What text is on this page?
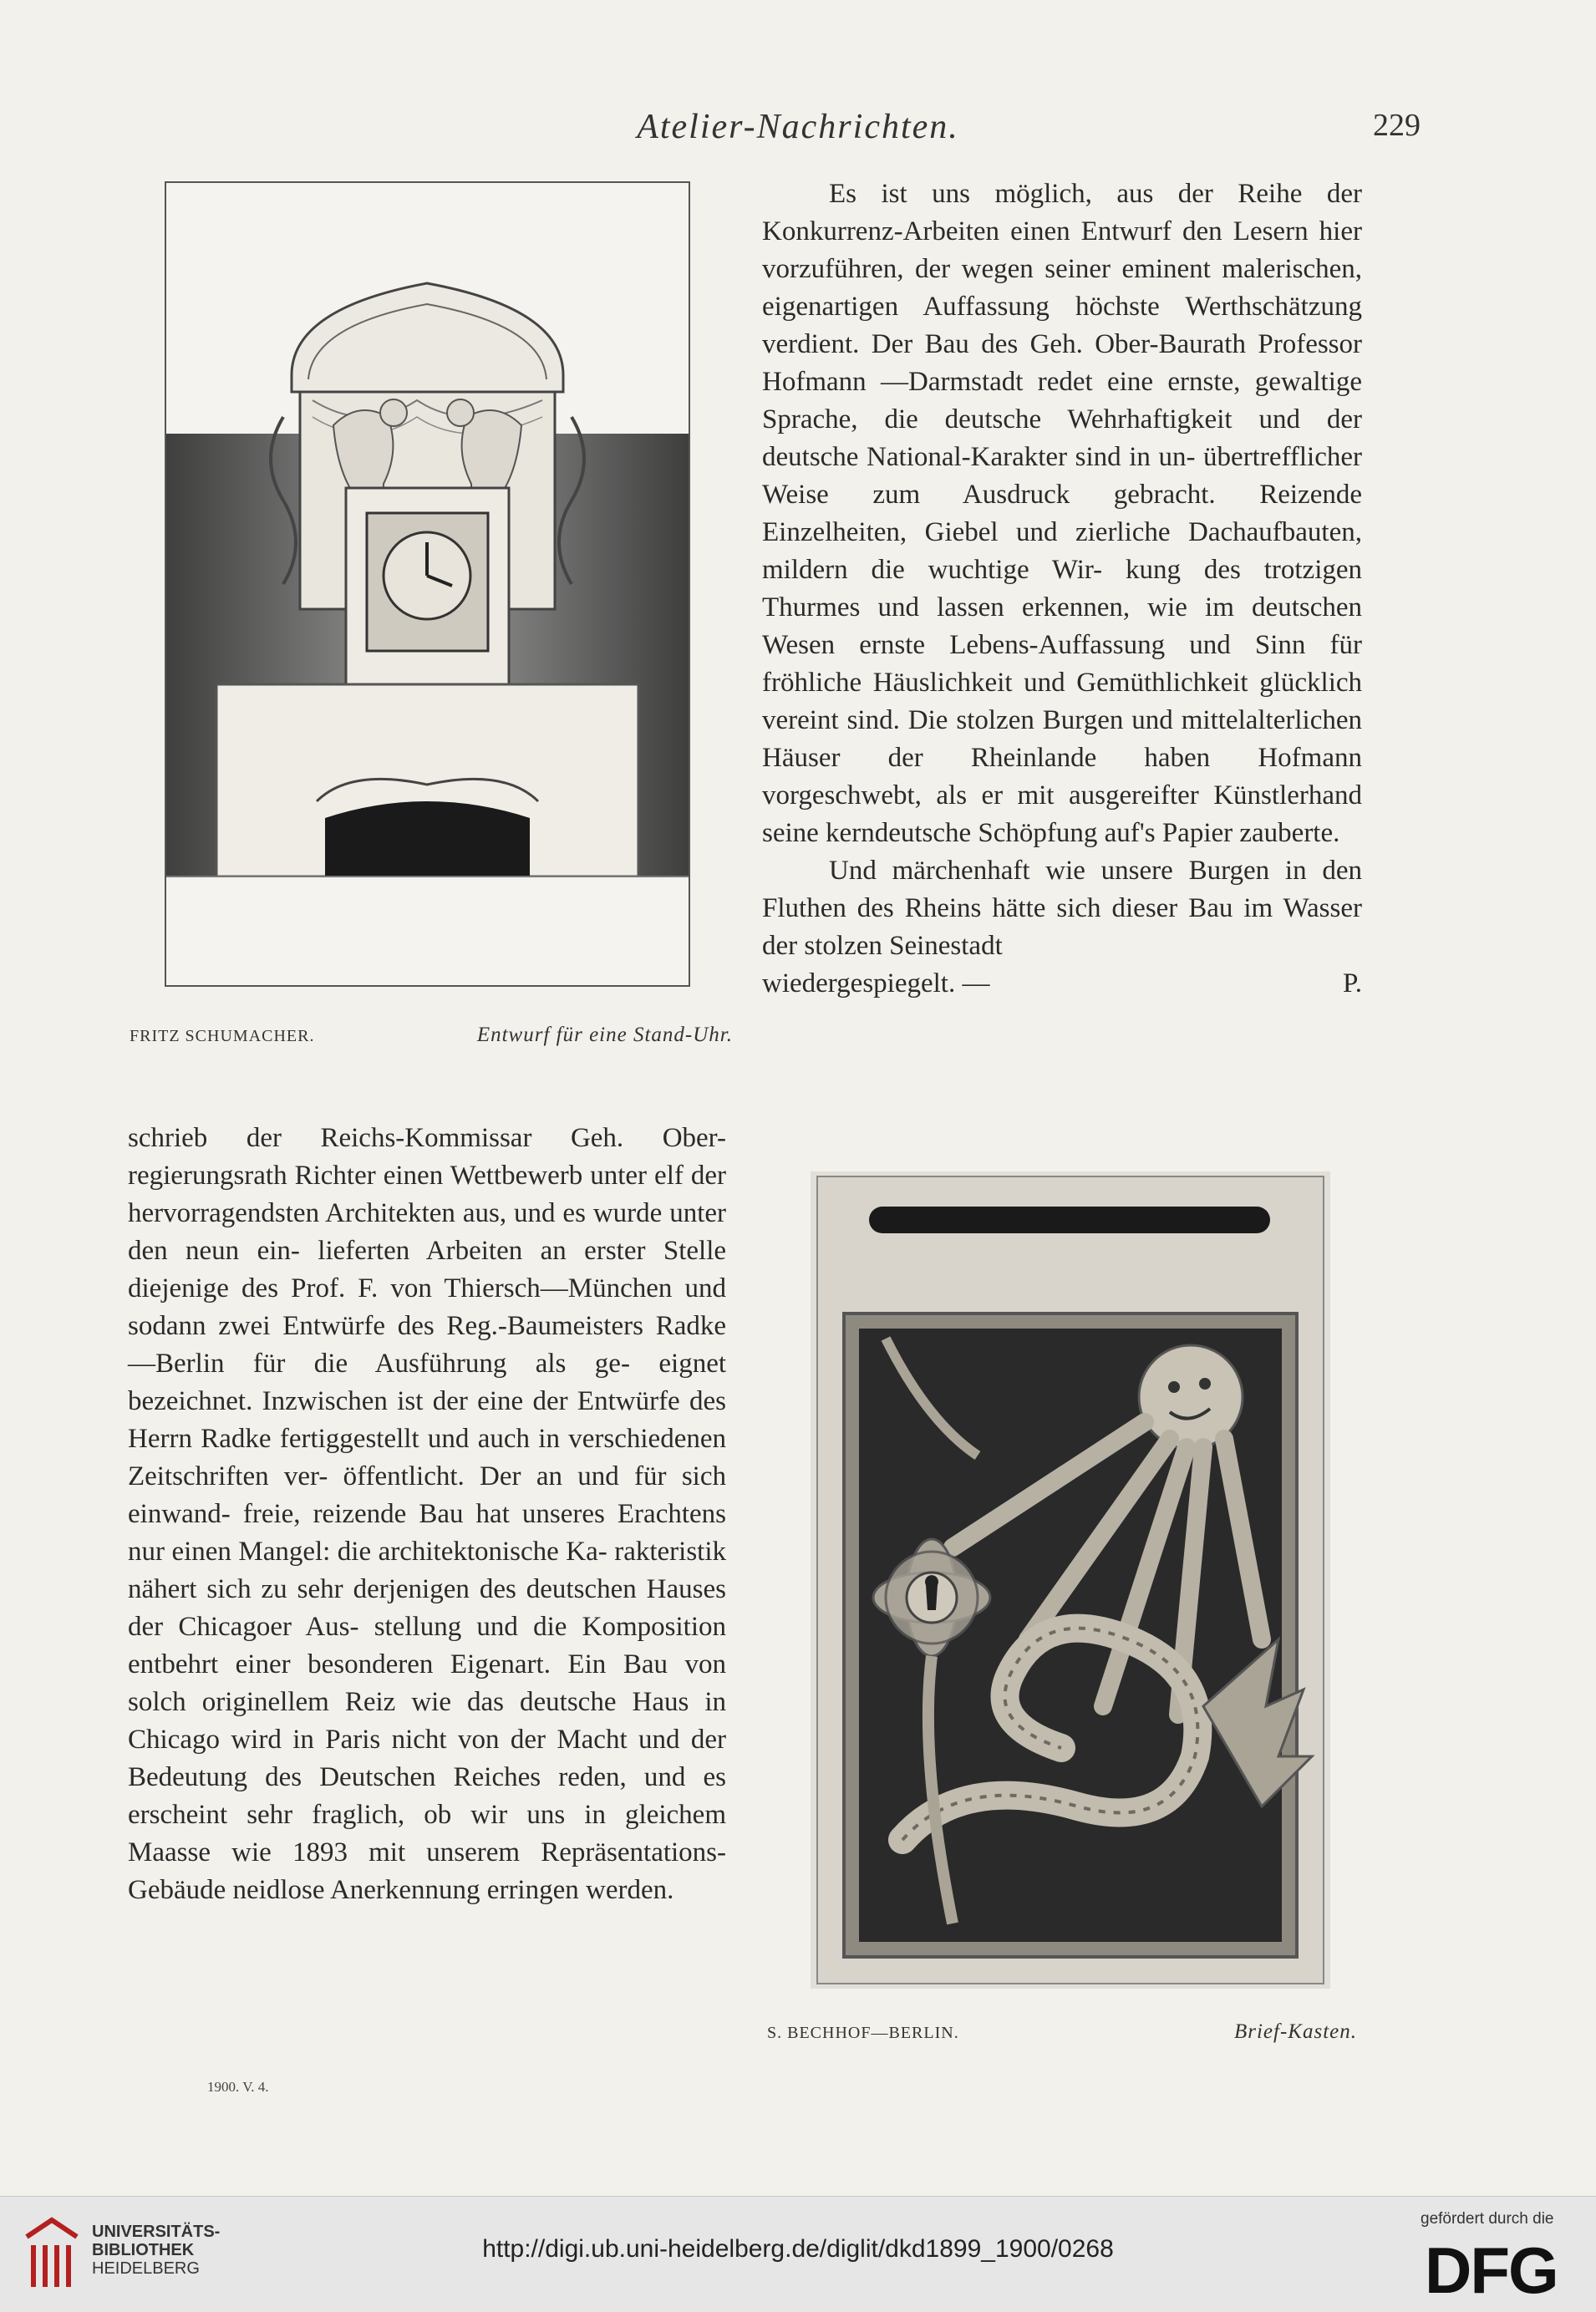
Atelier-Nachrichten.	229
FRITZ SCHUMACHER.	Entwurf für eine Stand-Uhr.

Es ist uns möglich, aus der Reihe der Konkurrenz-Arbeiten einen Entwurf den Lesern hier vorzuführen, der wegen seiner eminent malerischen, eigenartigen Auffassung höchste Werthschätzung verdient. Der Bau des Geh. Ober-Baurath Professor Hofmann —Darmstadt redet eine ernste, gewaltige Sprache, die deutsche Wehrhaftigkeit und der deutsche National-Karakter sind in un- übertrefflicher Weise zum Ausdruck gebracht. Reizende Einzelheiten, Giebel und zierliche Dachaufbauten, mildern die wuchtige Wir- kung des trotzigen Thurmes und lassen erkennen, wie im deutschen Wesen ernste Lebens-Auffassung und Sinn für fröhliche Häuslichkeit und Gemüthlichkeit glücklich vereint sind. Die stolzen Burgen und mittelalterlichen Häuser der Rheinlande haben Hofmann vorgeschwebt, als er mit ausgereifter Künstlerhand seine kerndeutsche Schöpfung auf's Papier zauberte.

Und märchenhaft wie unsere Burgen in den Fluthen des Rheins hätte sich dieser Bau im Wasser der stolzen Seinestadt

wiedergespiegelt. —	P.

schrieb der Reichs-Kommissar Geh. Ober- regierungsrath Richter einen Wettbewerb unter elf der hervorragendsten Architekten aus, und es wurde unter den neun ein- lieferten Arbeiten an erster Stelle diejenige des Prof. F. von Thiersch—München und sodann zwei Entwürfe des Reg.-Baumeisters Radke—Berlin für die Ausführung als ge- eignet bezeichnet. Inzwischen ist der eine der Entwürfe des Herrn Radke fertiggestellt und auch in verschiedenen Zeitschriften ver- öffentlicht. Der an und für sich einwand- freie, reizende Bau hat unseres Erachtens nur einen Mangel: die architektonische Ka- rakteristik nähert sich zu sehr derjenigen des deutschen Hauses der Chicagoer Aus- stellung und die Komposition entbehrt einer besonderen Eigenart. Ein Bau von solch originellem Reiz wie das deutsche Haus in Chicago wird in Paris nicht von der Macht und der Bedeutung des Deutschen Reiches reden, und es erscheint sehr fraglich, ob wir uns in gleichem Maasse wie 1893 mit unserem Repräsentations-Gebäude neidlose Anerkennung erringen werden.

S. BECHHOF—BERLIN.	Brief-Kasten.
1900. V. 4.
UNIVERSITÄTS-
BIBLIOTHEK
HEIDELBERG
http://digi.ub.uni-heidelberg.de/diglit/dkd1899_1900/0268
gefördert durch die
DFG
